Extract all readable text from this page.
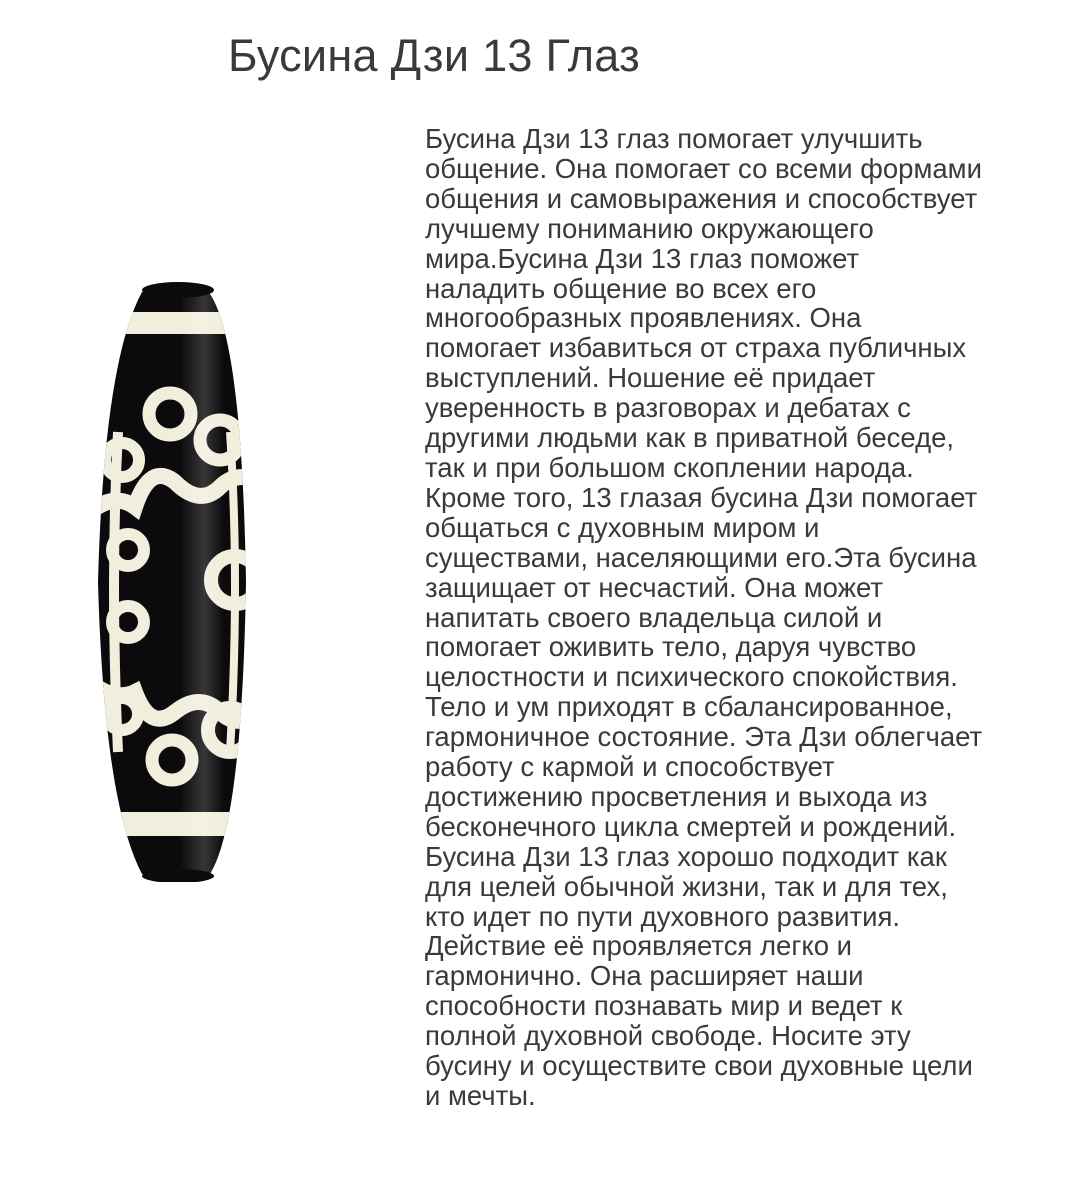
Бусина Дзи 13 Глаз

Бусина Дзи 13 глаз помогает улучшить
общение. Она помогает со всеми формами
общения и самовыражения и способствует
лучшему пониманию окружающего
мира.Бусина Дзи 13 глаз поможет
наладить общение во всех его
многообразных проявлениях. Она
помогает избавиться от страха публичных
выступлений. Ношение её придает
уверенность в разговорах и дебатах с
другими людьми как в приватной беседе,
так и при большом скоплении народа.
Кроме того, 13 глазая бусина Дзи помогает
общаться с духовным миром и
существами, населяющими его.Эта бусина
защищает от несчастий. Она может
напитать своего владельца силой и
помогает оживить тело, даруя чувство
целостности и психического спокойствия.
Тело и ум приходят в сбалансированное,
гармоничное состояние. Эта Дзи облегчает
работу с кармой и способствует
достижению просветления и выхода из
бесконечного цикла смертей и рождений.
Бусина Дзи 13 глаз хорошо подходит как
для целей обычной жизни, так и для тех,
кто идет по пути духовного развития.
Действие её проявляется легко и
гармонично. Она расширяет наши
способности познавать мир и ведет к
полной духовной свободе. Носите эту
бусину и осуществите свои духовные цели
и мечты.
